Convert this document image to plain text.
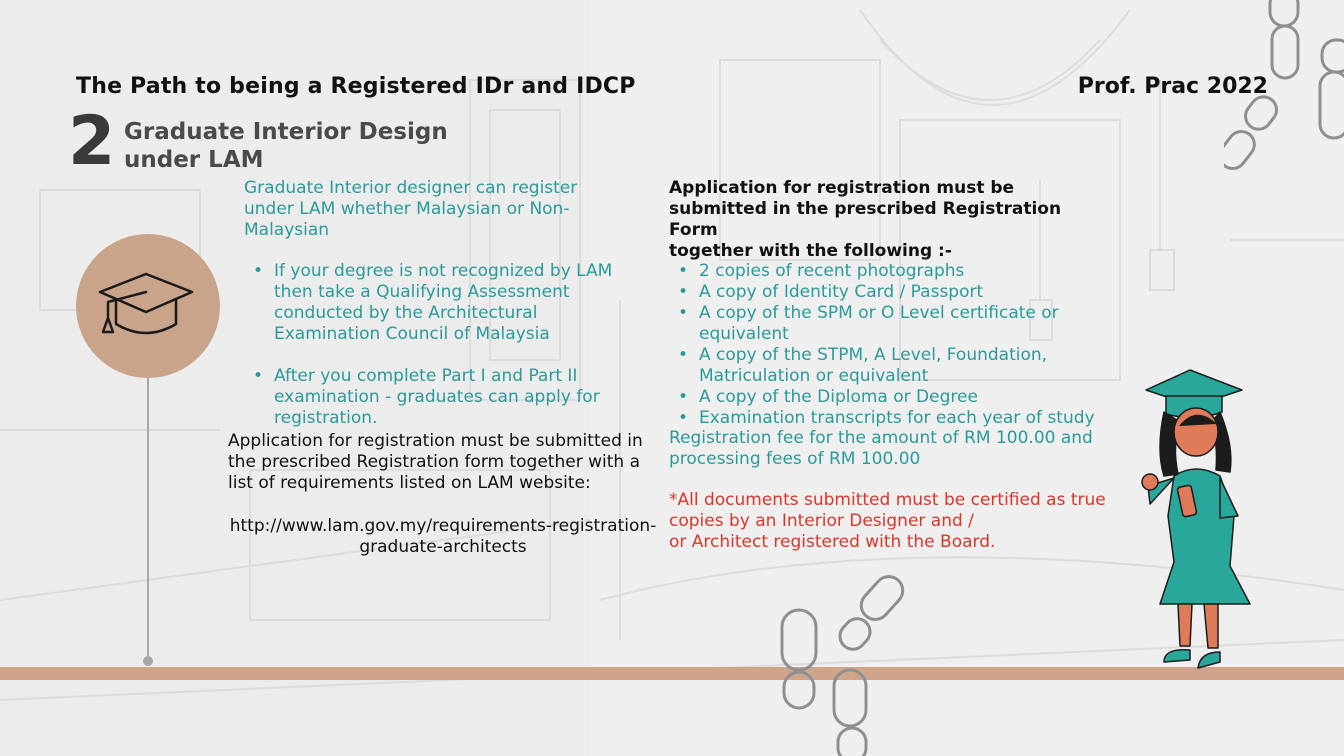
The Path to being a Registered IDr and IDCP	Prof. Prac 2022
2 Graduate Interior Design
under LAM
Graduate Interior designer can register under LAM whether Malaysian or Non-Malaysian
• If your degree is not recognized by LAM then take a Qualifying Assessment conducted by the Architectural Examination Council of Malaysia
• After you complete Part I and Part II examination - graduates can apply for registration.
Application for registration must be submitted in the prescribed Registration form together with a list of requirements listed on LAM website:
http://www.lam.gov.my/requirements-registration-graduate-architects
Application for registration must be submitted in the prescribed Registration Form
together with the following :-
• 2 copies of recent photographs
• A copy of Identity Card / Passport
• A copy of the SPM or O Level certificate or equivalent
• A copy of the STPM, A Level, Foundation, Matriculation or equivalent
• A copy of the Diploma or Degree
• Examination transcripts for each year of study
Registration fee for the amount of RM 100.00 and processing fees of RM 100.00
*All documents submitted must be certified as true copies by an Interior Designer and /
or Architect registered with the Board.
